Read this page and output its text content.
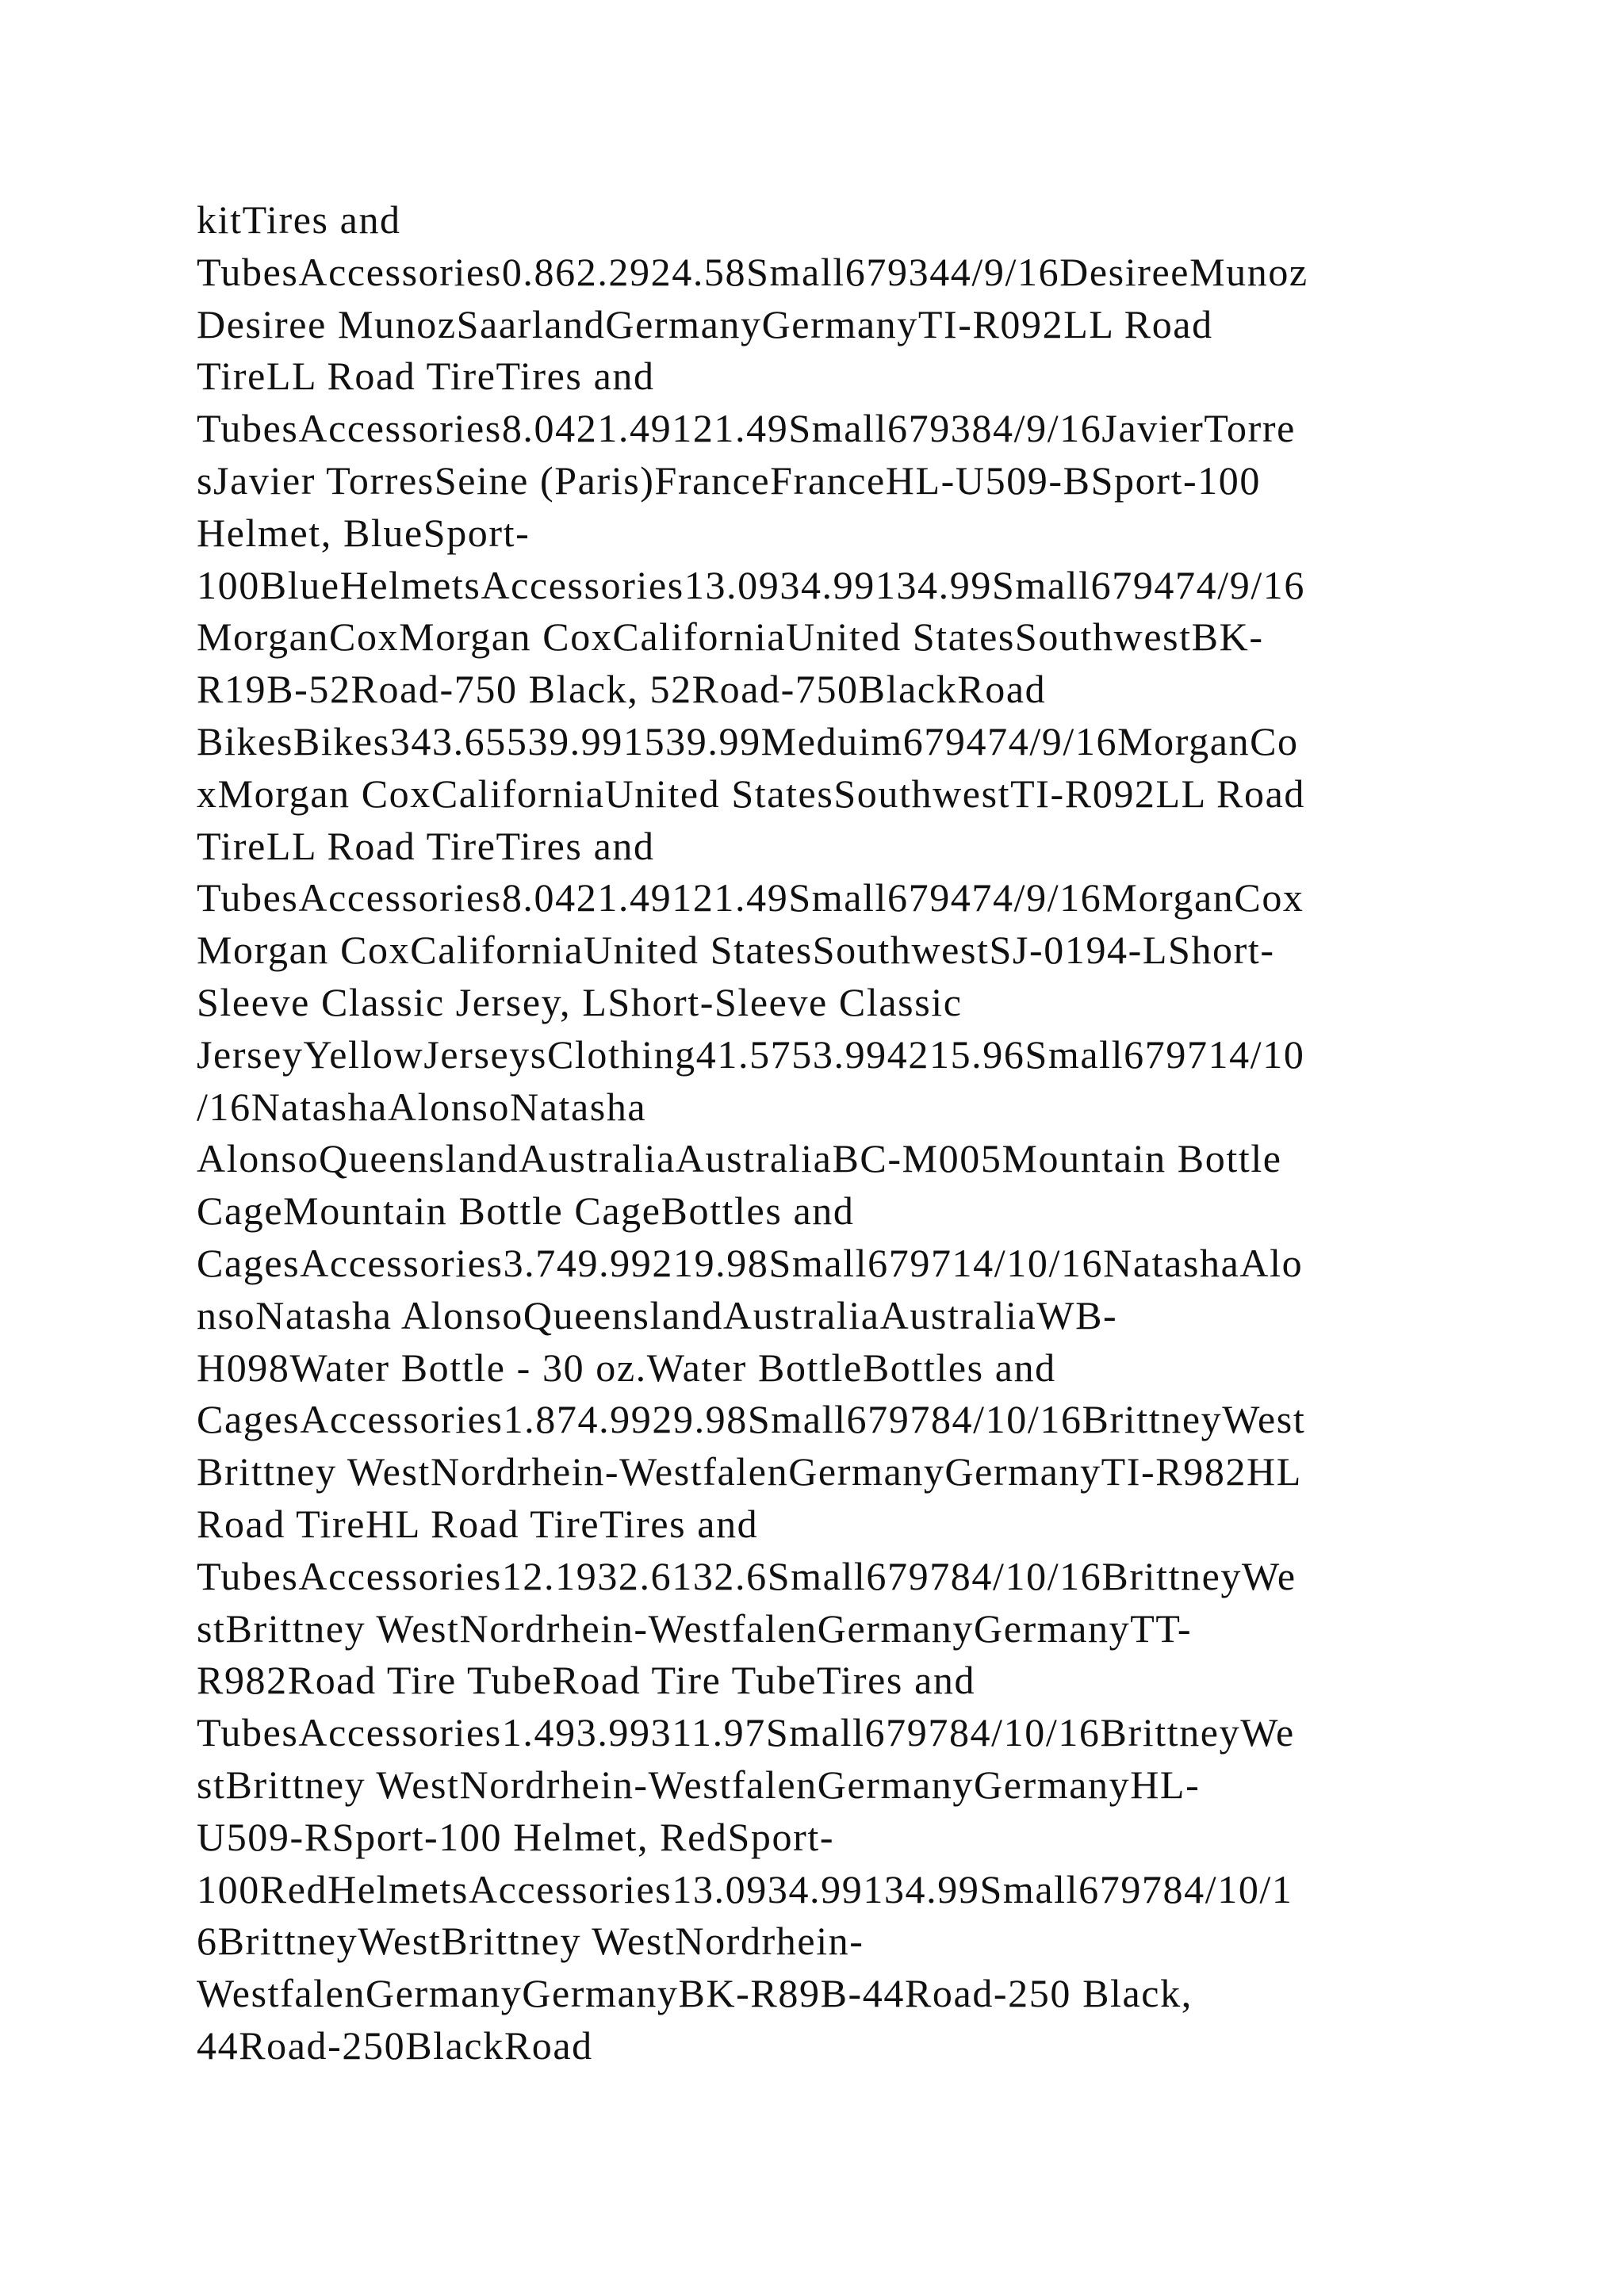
kitTires and
TubesAccessories0.862.2924.58Small679344/9/16DesireeMunoz
Desiree MunozSaarlandGermanyGermanyTI-R092LL Road
TireLL Road TireTires and
TubesAccessories8.0421.49121.49Small679384/9/16JavierTorre
sJavier TorresSeine (Paris)FranceFranceHL-U509-BSport-100
Helmet, BlueSport-
100BlueHelmetsAccessories13.0934.99134.99Small679474/9/16
MorganCoxMorgan CoxCaliforniaUnited StatesSouthwestBK-
R19B-52Road-750 Black, 52Road-750BlackRoad
BikesBikes343.65539.991539.99Meduim679474/9/16MorganCo
xMorgan CoxCaliforniaUnited StatesSouthwestTI-R092LL Road
TireLL Road TireTires and
TubesAccessories8.0421.49121.49Small679474/9/16MorganCox
Morgan CoxCaliforniaUnited StatesSouthwestSJ-0194-LShort-
Sleeve Classic Jersey, LShort-Sleeve Classic
JerseyYellowJerseysClothing41.5753.994215.96Small679714/10
/16NatashaAlonsoNatasha
AlonsoQueenslandAustraliaAustraliaBC-M005Mountain Bottle
CageMountain Bottle CageBottles and
CagesAccessories3.749.99219.98Small679714/10/16NatashaAlo
nsoNatasha AlonsoQueenslandAustraliaAustraliaWB-
H098Water Bottle - 30 oz.Water BottleBottles and
CagesAccessories1.874.9929.98Small679784/10/16BrittneyWest
Brittney WestNordrhein-WestfalenGermanyGermanyTI-R982HL
Road TireHL Road TireTires and
TubesAccessories12.1932.6132.6Small679784/10/16BrittneyWe
stBrittney WestNordrhein-WestfalenGermanyGermanyTT-
R982Road Tire TubeRoad Tire TubeTires and
TubesAccessories1.493.99311.97Small679784/10/16BrittneyWe
stBrittney WestNordrhein-WestfalenGermanyGermanyHL-
U509-RSport-100 Helmet, RedSport-
100RedHelmetsAccessories13.0934.99134.99Small679784/10/1
6BrittneyWestBrittney WestNordrhein-
WestfalenGermanyGermanyBK-R89B-44Road-250 Black,
44Road-250BlackRoad
